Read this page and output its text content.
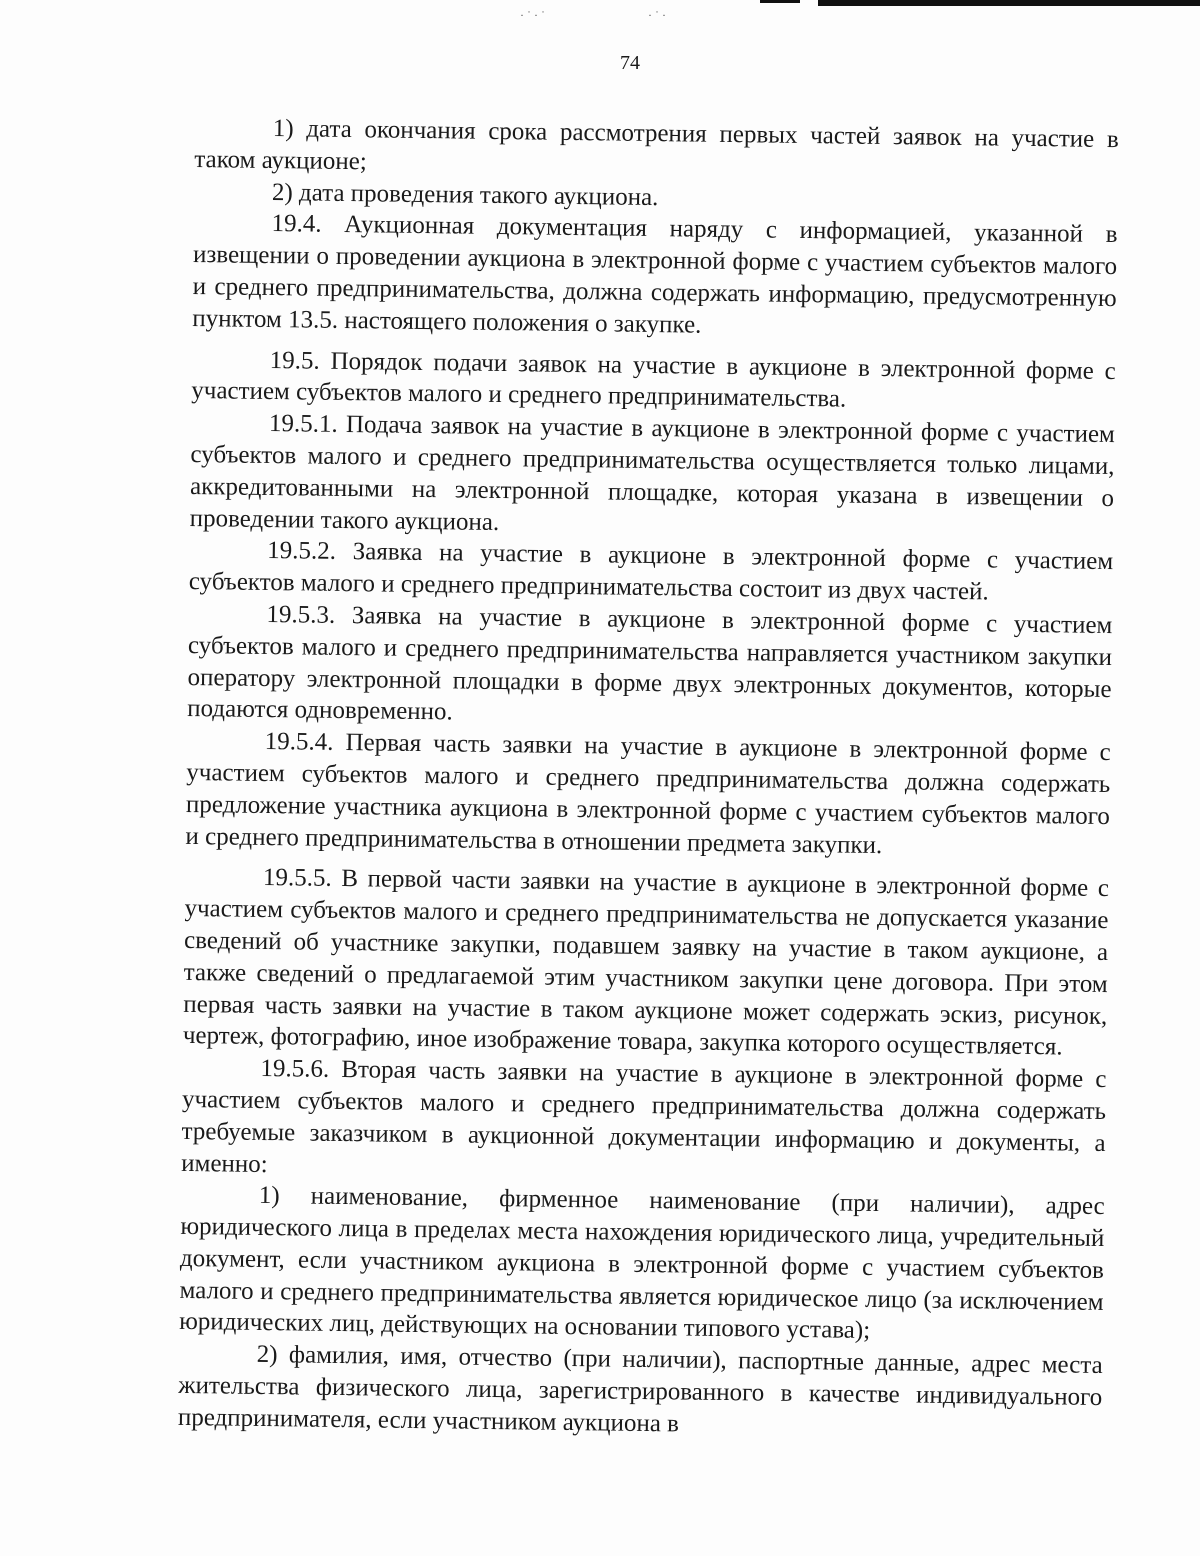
·˙·˙	·˙·
74

1) дата окончания срока рассмотрения первых частей заявок на участие в таком аукционе;

2) дата проведения такого аукциона.

19.4. Аукционная документация наряду с информацией, указанной в извещении о проведении аукциона в электронной форме с участием субъектов малого и среднего предпринимательства, должна содержать информацию, предусмотренную пунктом 13.5. настоящего положения о закупке.

19.5. Порядок подачи заявок на участие в аукционе в электронной форме с участием субъектов малого и среднего предпринимательства.

19.5.1. Подача заявок на участие в аукционе в электронной форме с участием субъектов малого и среднего предпринимательства осуществляется только лицами, аккредитованными на электронной площадке, которая указана в извещении о проведении такого аукциона.

19.5.2. Заявка на участие в аукционе в электронной форме с участием субъектов малого и среднего предпринимательства состоит из двух частей.

19.5.3. Заявка на участие в аукционе в электронной форме с участием субъектов малого и среднего предпринимательства направляется участником закупки оператору электронной площадки в форме двух электронных документов, которые подаются одновременно.

19.5.4. Первая часть заявки на участие в аукционе в электронной форме с участием субъектов малого и среднего предпринимательства должна содержать предложение участника аукциона в электронной форме с участием субъектов малого и среднего предпринимательства в отношении предмета закупки.

19.5.5. В первой части заявки на участие в аукционе в электронной форме с участием субъектов малого и среднего предпринимательства не допускается указание сведений об участнике закупки, подавшем заявку на участие в таком аукционе, а также сведений о предлагаемой этим участником закупки цене договора. При этом первая часть заявки на участие в таком аукционе может содержать эскиз, рисунок, чертеж, фотографию, иное изображение товара, закупка которого осуществляется.

19.5.6. Вторая часть заявки на участие в аукционе в электронной форме с участием субъектов малого и среднего предпринимательства должна содержать требуемые заказчиком в аукционной документации информацию и документы, а именно:

1) наименование, фирменное наименование (при наличии), адрес юридического лица в пределах места нахождения юридического лица, учредительный документ, если участником аукциона в электронной форме с участием субъектов малого и среднего предпринимательства является юридическое лицо (за исключением юридических лиц, действующих на основании типового устава);

2) фамилия, имя, отчество (при наличии), паспортные данные, адрес места жительства физического лица, зарегистрированного в качестве индивидуального предпринимателя, если участником аукциона в
